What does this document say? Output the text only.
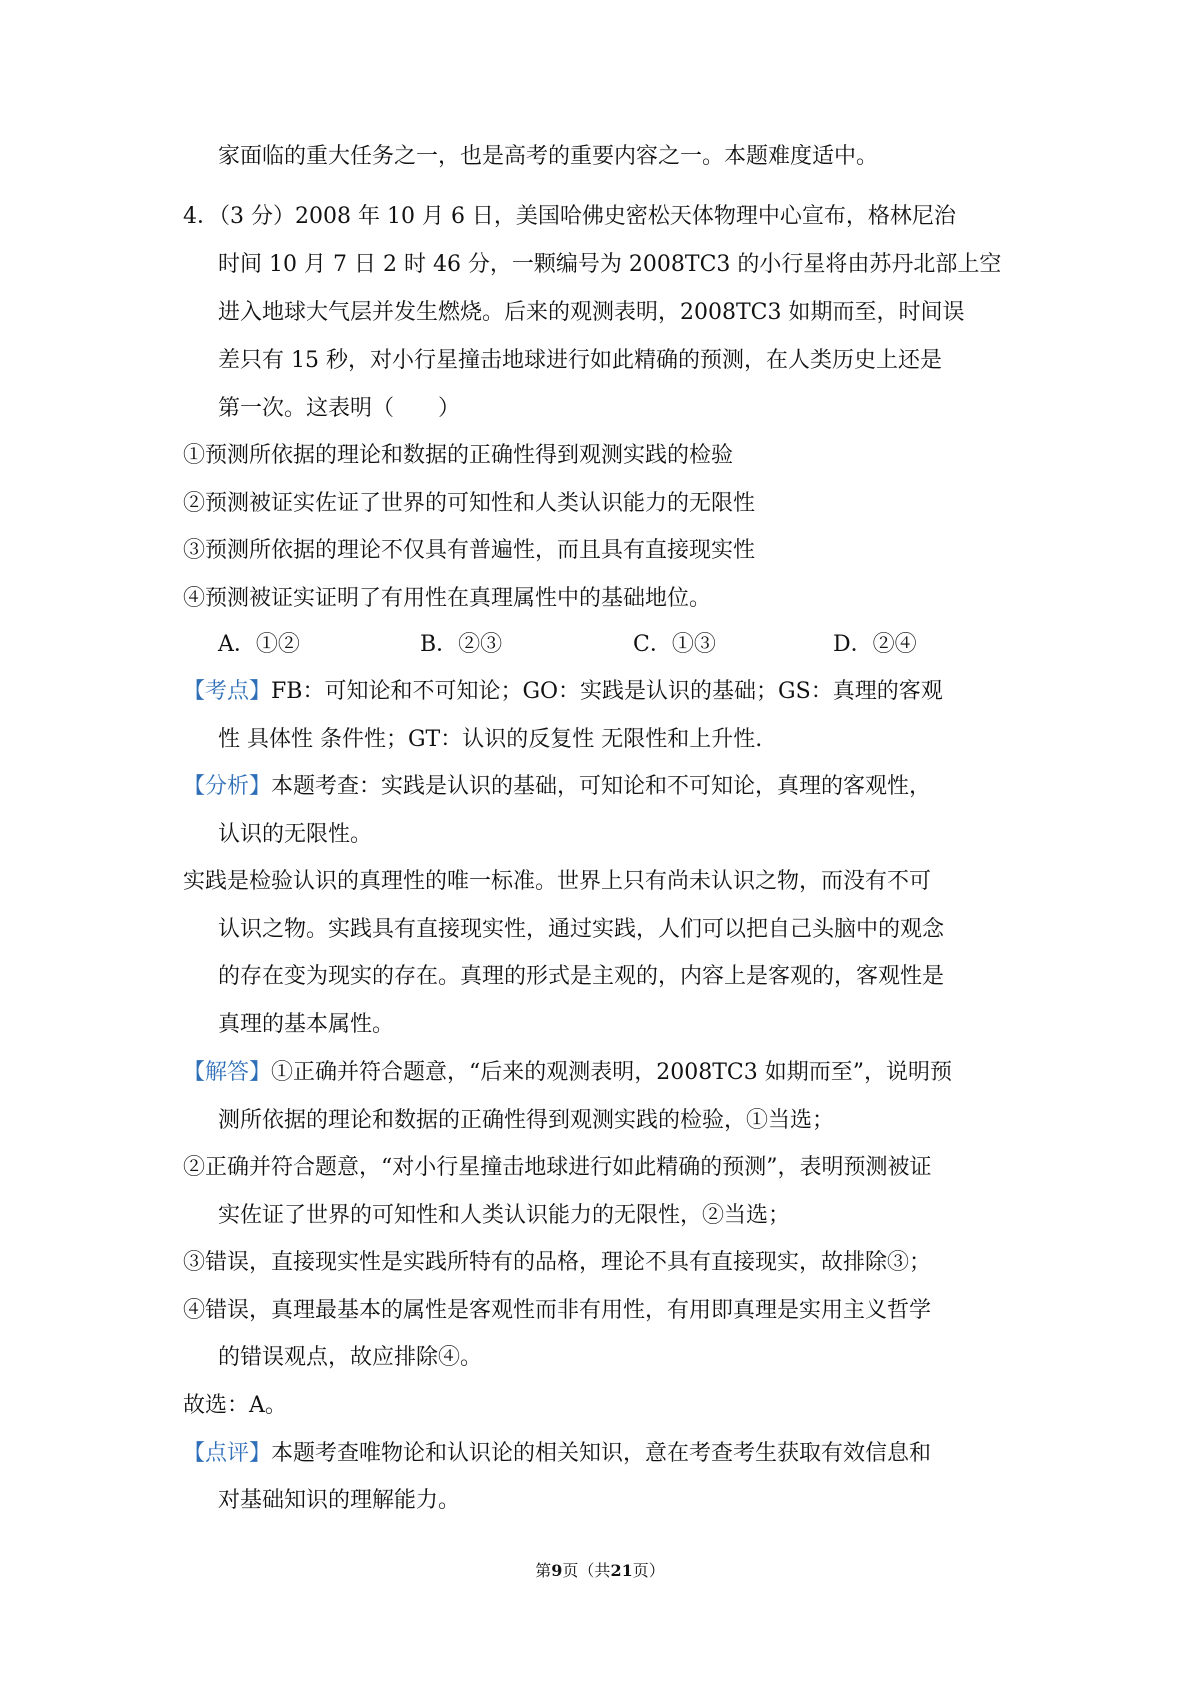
家面临的重大任务之一，也是高考的重要内容之一。本题难度适中。
4．（3 分）2008 年 10 月 6 日，美国哈佛史密松天体物理中心宣布，格林尼治
时间 10 月 7 日 2 时 46 分，一颗编号为 2008TC3 的小行星将由苏丹北部上空
进入地球大气层并发生燃烧。后来的观测表明，2008TC3 如期而至，时间误
差只有 15 秒，对小行星撞击地球进行如此精确的预测，在人类历史上还是
第一次。这表明（　　）
①预测所依据的理论和数据的正确性得到观测实践的检验
②预测被证实佐证了世界的可知性和人类认识能力的无限性
③预测所依据的理论不仅具有普遍性，而且具有直接现实性
④预测被证实证明了有用性在真理属性中的基础地位。
A．①②	B．②③	C．①③	D．②④
【考点】FB：可知论和不可知论；GO：实践是认识的基础；GS：真理的客观
性 具体性 条件性；GT：认识的反复性 无限性和上升性.
【分析】本题考查：实践是认识的基础，可知论和不可知论，真理的客观性，
认识的无限性。
实践是检验认识的真理性的唯一标准。世界上只有尚未认识之物，而没有不可
认识之物。实践具有直接现实性，通过实践，人们可以把自己头脑中的观念
的存在变为现实的存在。真理的形式是主观的，内容上是客观的，客观性是
真理的基本属性。
【解答】①正确并符合题意，“后来的观测表明，2008TC3 如期而至”，说明预
测所依据的理论和数据的正确性得到观测实践的检验，①当选；
②正确并符合题意，“对小行星撞击地球进行如此精确的预测”，表明预测被证
实佐证了世界的可知性和人类认识能力的无限性，②当选；
③错误，直接现实性是实践所特有的品格，理论不具有直接现实，故排除③；
④错误，真理最基本的属性是客观性而非有用性，有用即真理是实用主义哲学
的错误观点，故应排除④。
故选：A。
【点评】本题考查唯物论和认识论的相关知识，意在考查考生获取有效信息和
对基础知识的理解能力。
第9页（共21页）
